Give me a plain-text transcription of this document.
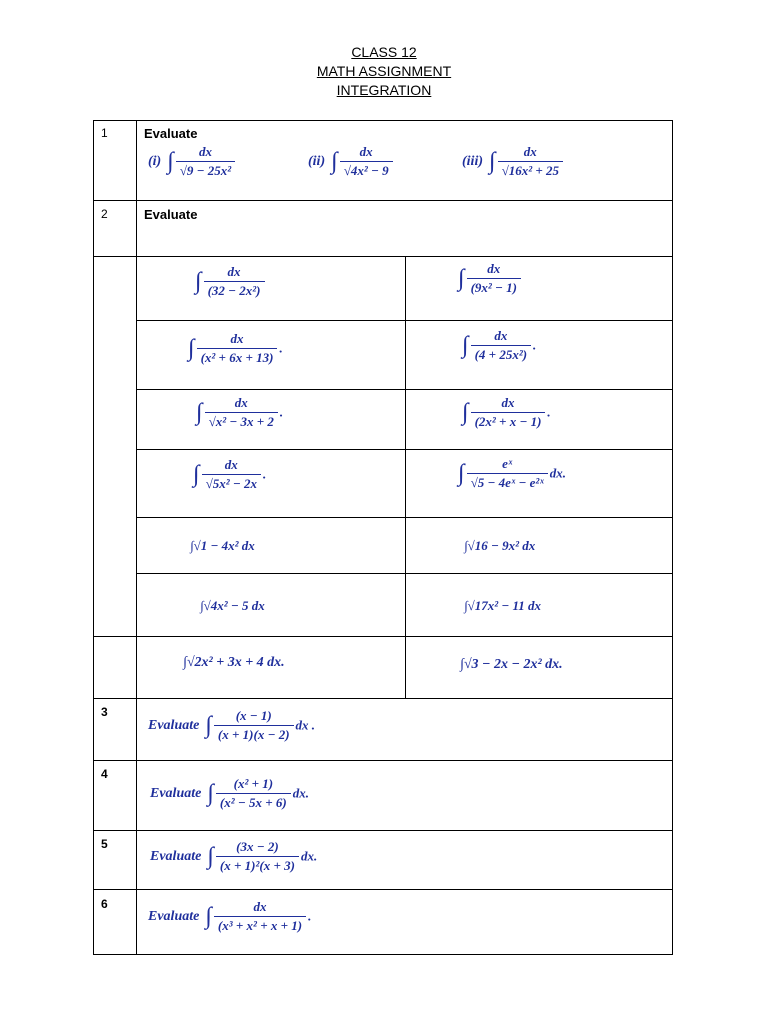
CLASS 12
MATH ASSIGNMENT
INTEGRATION
1	Evaluate
(i) ∫ $\frac{dx}{\text{√9 − 25x²}}$	(ii) ∫ $\frac{dx}{\text{√4x² − 9}}$	(iii) ∫ $\frac{dx}{\text{√16x² + 25}}$
2	Evaluate
∫ $\frac{dx}{\text{(32 − 2x²)}}$	∫ $\frac{dx}{\text{(9x² − 1)}}$
∫ $\frac{dx}{\text{(x² + 6x + 13)}}$ .	∫ $\frac{dx}{\text{(4 + 25x²)}}$ .
∫ $\frac{dx}{\text{√x² − 3x + 2}}$ .	∫ $\frac{dx}{\text{(2x² + x − 1)}}$ .
∫ $\frac{dx}{\text{√5x² − 2x}}$ .	∫ $\frac{\text{eˣ}}{\text{√5 − 4eˣ − e²ˣ}}$ dx.
∫√1 − 4x² dx	∫√16 − 9x² dx
∫√4x² − 5 dx	∫√17x² − 11 dx
∫√2x² + 3x + 4 dx.	∫√3 − 2x − 2x² dx.
3
Evaluate ∫ $\frac{(x - 1)}{(x + 1)(x - 2)}$ dx .
4
Evaluate ∫ $\frac{\text{(x² + 1)}}{\text{(x² − 5x + 6)}}$ dx.
5
Evaluate ∫ $\frac{(3x - 2)}{\text{(x + 1)²(x + 3)}}$ dx.
6
Evaluate ∫ $\frac{dx}{\text{(x³ + x² + x + 1)}}$ .
